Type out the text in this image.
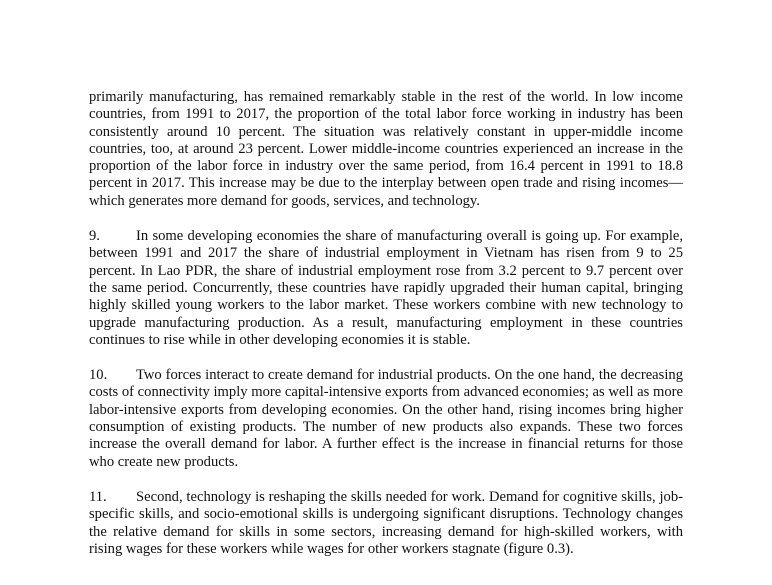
primarily manufacturing, has remained remarkably stable in the rest of the world. In low income countries, from 1991 to 2017, the proportion of the total labor force working in industry has been consistently around 10 percent. The situation was relatively constant in upper-middle income countries, too, at around 23 percent. Lower middle-income countries experienced an increase in the proportion of the labor force in industry over the same period, from 16.4 percent in 1991 to 18.8 percent in 2017. This increase may be due to the interplay between open trade and rising incomes—which generates more demand for goods, services, and technology.

9. In some developing economies the share of manufacturing overall is going up. For example, between 1991 and 2017 the share of industrial employment in Vietnam has risen from 9 to 25 percent. In Lao PDR, the share of industrial employment rose from 3.2 percent to 9.7 percent over the same period. Concurrently, these countries have rapidly upgraded their human capital, bringing highly skilled young workers to the labor market. These workers combine with new technology to upgrade manufacturing production. As a result, manufacturing employment in these countries continues to rise while in other developing economies it is stable.

10. Two forces interact to create demand for industrial products. On the one hand, the decreasing costs of connectivity imply more capital-intensive exports from advanced economies; as well as more labor-intensive exports from developing economies. On the other hand, rising incomes bring higher consumption of existing products. The number of new products also expands. These two forces increase the overall demand for labor. A further effect is the increase in financial returns for those who create new products.

11. Second, technology is reshaping the skills needed for work. Demand for cognitive skills, job-specific skills, and socio-emotional skills is undergoing significant disruptions. Technology changes the relative demand for skills in some sectors, increasing demand for high-skilled workers, with rising wages for these workers while wages for other workers stagnate (figure 0.3).
